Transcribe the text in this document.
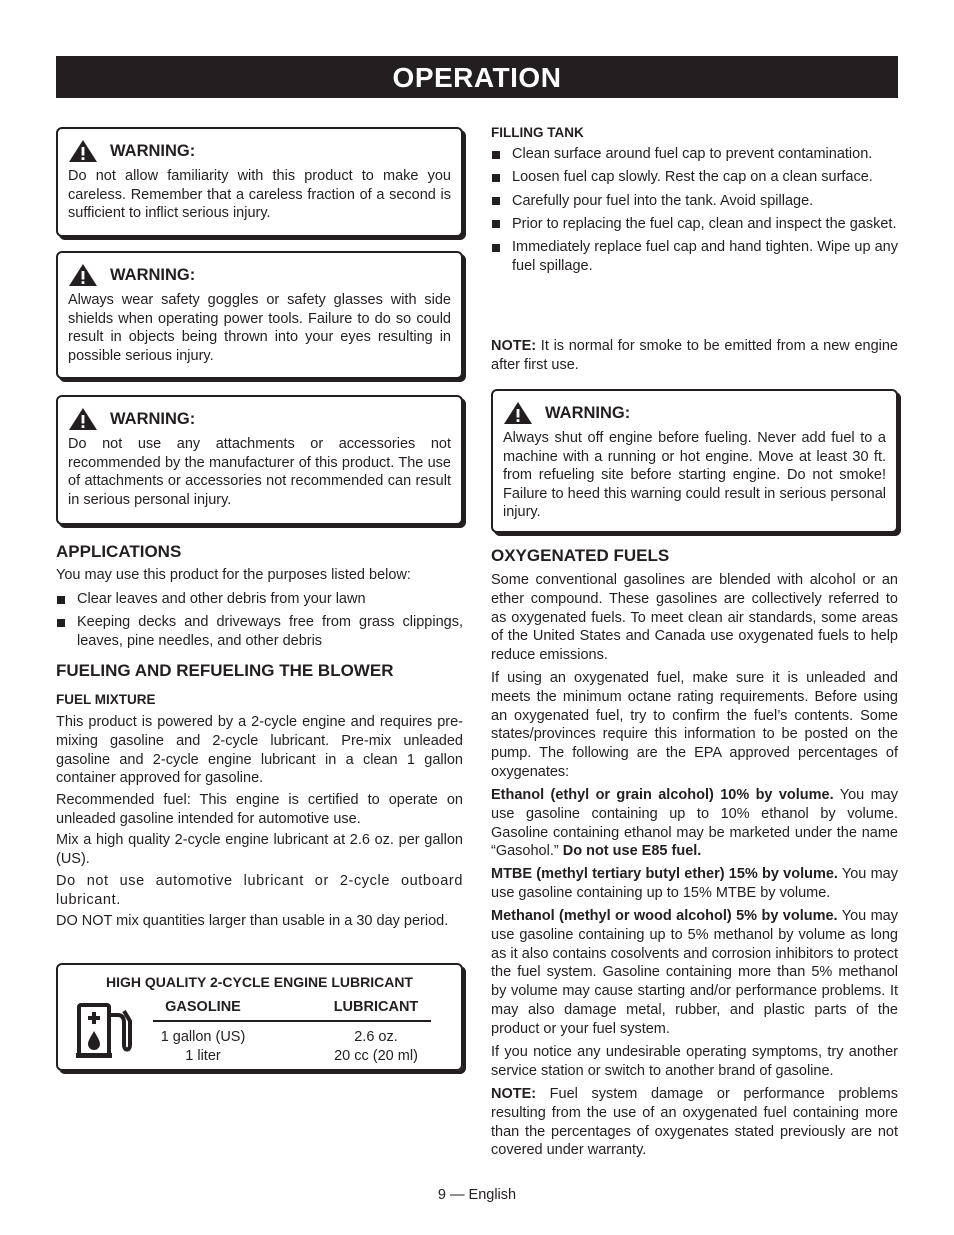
OPERATION
WARNING:
Do not allow familiarity with this product to make you careless. Remember that a careless fraction of a second is sufficient to inflict serious injury.
WARNING:
Always wear safety goggles or safety glasses with side shields when operating power tools. Failure to do so could result in objects being thrown into your eyes resulting in possible serious injury.
WARNING:
Do not use any attachments or accessories not recommended by the manufacturer of this product. The use of attachments or accessories not recommended can result in serious personal injury.
APPLICATIONS

You may use this product for the purposes listed below:

Clear leaves and other debris from your lawn
Keeping decks and driveways free from grass clippings, leaves, pine needles, and other debris
FUELING AND REFUELING THE BLOWER
FUEL MIXTURE

This product is powered by a 2-cycle engine and requires pre-mixing gasoline and 2-cycle lubricant. Pre-mix unleaded gasoline and 2-cycle engine lubricant in a clean 1 gallon container approved for gasoline.

Recommended fuel: This engine is certified to operate on unleaded gasoline intended for automotive use.

Mix a high quality 2-cycle engine lubricant at 2.6 oz. per gallon (US).

Do not use automotive lubricant or 2-cycle outboard lubricant.

DO NOT mix quantities larger than usable in a 30 day period.

HIGH QUALITY 2-CYCLE ENGINE LUBRICANT
GASOLINE	LUBRICANT
1 gallon (US)	2.6 oz.
1 liter	20 cc (20 ml)
FILLING TANK
Clean surface around fuel cap to prevent contamination.
Loosen fuel cap slowly. Rest the cap on a clean surface.
Carefully pour fuel into the tank. Avoid spillage.
Prior to replacing the fuel cap, clean and inspect the gasket.
Immediately replace fuel cap and hand tighten. Wipe up any fuel spillage.

NOTE: It is normal for smoke to be emitted from a new engine after first use.

WARNING:
Always shut off engine before fueling. Never add fuel to a machine with a running or hot engine. Move at least 30 ft. from refueling site before starting engine. Do not smoke! Failure to heed this warning could result in serious personal injury.
OXYGENATED FUELS

Some conventional gasolines are blended with alcohol or an ether compound. These gasolines are collectively referred to as oxygenated fuels. To meet clean air standards, some areas of the United States and Canada use oxygenated fuels to help reduce emissions.

If using an oxygenated fuel, make sure it is unleaded and meets the minimum octane rating requirements. Before using an oxygenated fuel, try to confirm the fuel’s contents. Some states/provinces require this information to be posted on the pump. The following are the EPA approved percentages of oxygenates:

Ethanol (ethyl or grain alcohol) 10% by volume. You may use gasoline containing up to 10% ethanol by volume. Gasoline containing ethanol may be marketed under the name “Gasohol.” Do not use E85 fuel.

MTBE (methyl tertiary butyl ether) 15% by volume. You may use gasoline containing up to 15% MTBE by volume.

Methanol (methyl or wood alcohol) 5% by volume. You may use gasoline containing up to 5% methanol by volume as long as it also contains cosolvents and corrosion inhibitors to protect the fuel system. Gasoline containing more than 5% methanol by volume may cause starting and/or performance problems. It may also damage metal, rubber, and plastic parts of the product or your fuel system.

If you notice any undesirable operating symptoms, try another service station or switch to another brand of gasoline.

NOTE: Fuel system damage or performance problems resulting from the use of an oxygenated fuel containing more than the percentages of oxygenates stated previously are not covered under warranty.

9 — English
